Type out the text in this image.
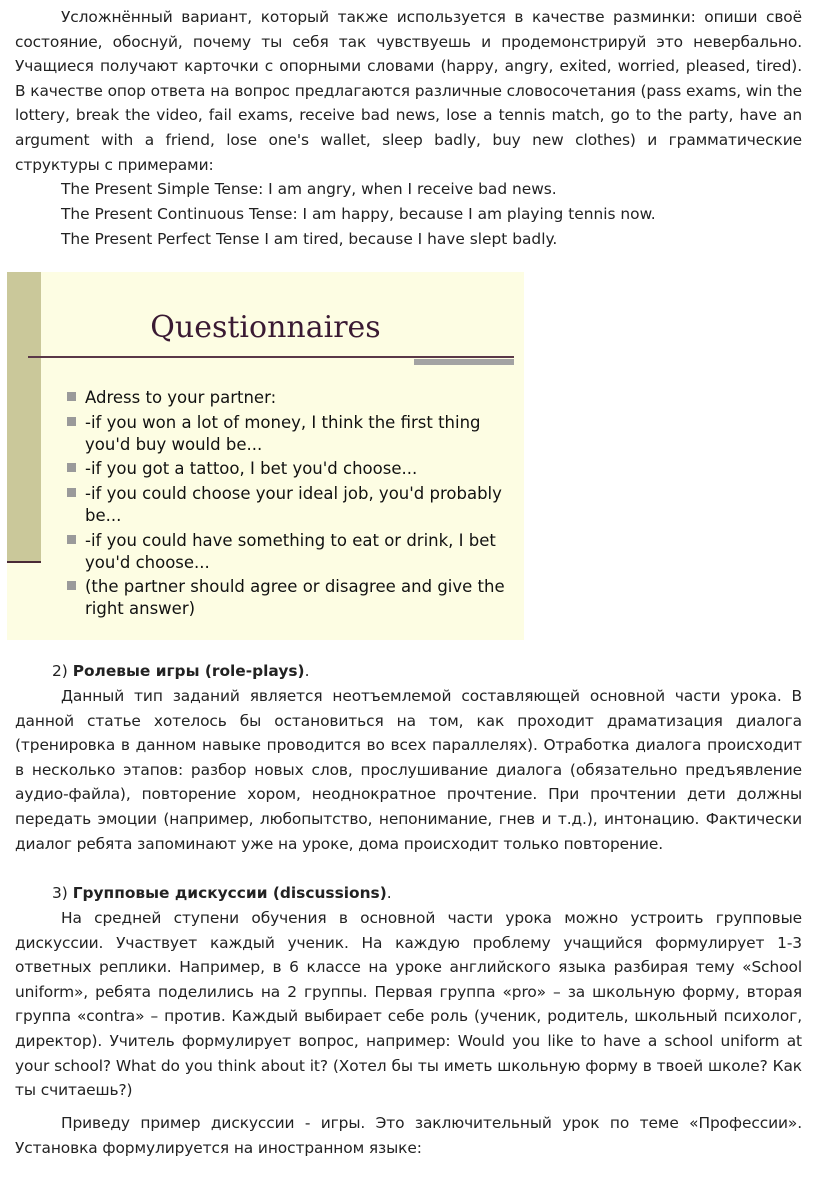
Усложнённый вариант, который также используется в качестве разминки: опиши своё состояние, обоснуй, почему ты себя так чувствуешь и продемонстрируй это невербально. Учащиеся получают карточки с опорными словами (happy, angry, exited, worried, pleased, tired). В качестве опор ответа на вопрос предлагаются различные словосочетания (pass exams, win the lottery, break the video, fail exams, receive bad news, lose a tennis match, go to the party, have an argument with a friend, lose one's wallet, sleep badly, buy new clothes) и грамматические структуры с примерами:

The Present Simple Tense: I am angry, when I receive bad news.

The Present Continuous Tense: I am happy, because I am playing tennis now.

The Present Perfect Tense I am tired, because I have slept badly.

Questionnaires
Adress to your partner:
-if you won a lot of money, I think the first thing you'd buy would be...
-if you got a tattoo, I bet you'd choose...
-if you could choose your ideal job, you'd probably be...
-if you could have something to eat or drink, I bet you'd choose...
(the partner should agree or disagree and give the right answer)

2) Ролевые игры (role-plays).

Данный тип заданий является неотъемлемой составляющей основной части урока. В данной статье хотелось бы остановиться на том, как проходит драматизация диалога (тренировка в данном навыке проводится во всех параллелях). Отработка диалога происходит в несколько этапов: разбор новых слов, прослушивание диалога (обязательно предъявление аудио-файла), повторение хором, неоднократное прочтение. При прочтении дети должны передать эмоции (например, любопытство, непонимание, гнев и т.д.), интонацию. Фактически диалог ребята запоминают уже на уроке, дома происходит только повторение.

3) Групповые дискуссии (discussions).

На средней ступени обучения в основной части урока можно устроить групповые дискуссии. Участвует каждый ученик. На каждую проблему учащийся формулирует 1-3 ответных реплики. Например, в 6 классе на уроке английского языка разбирая тему «School uniform», ребята поделились на 2 группы. Первая группа «pro» – за школьную форму, вторая группа «contra» – против. Каждый выбирает себе роль (ученик, родитель, школьный психолог, директор). Учитель формулирует вопрос, например: Would you like to have a school uniform at your school? What do you think about it? (Хотел бы ты иметь школьную форму в твоей школе? Как ты считаешь?)

Приведу пример дискуссии - игры. Это заключительный урок по теме «Профессии». Установка формулируется на иностранном языке:
